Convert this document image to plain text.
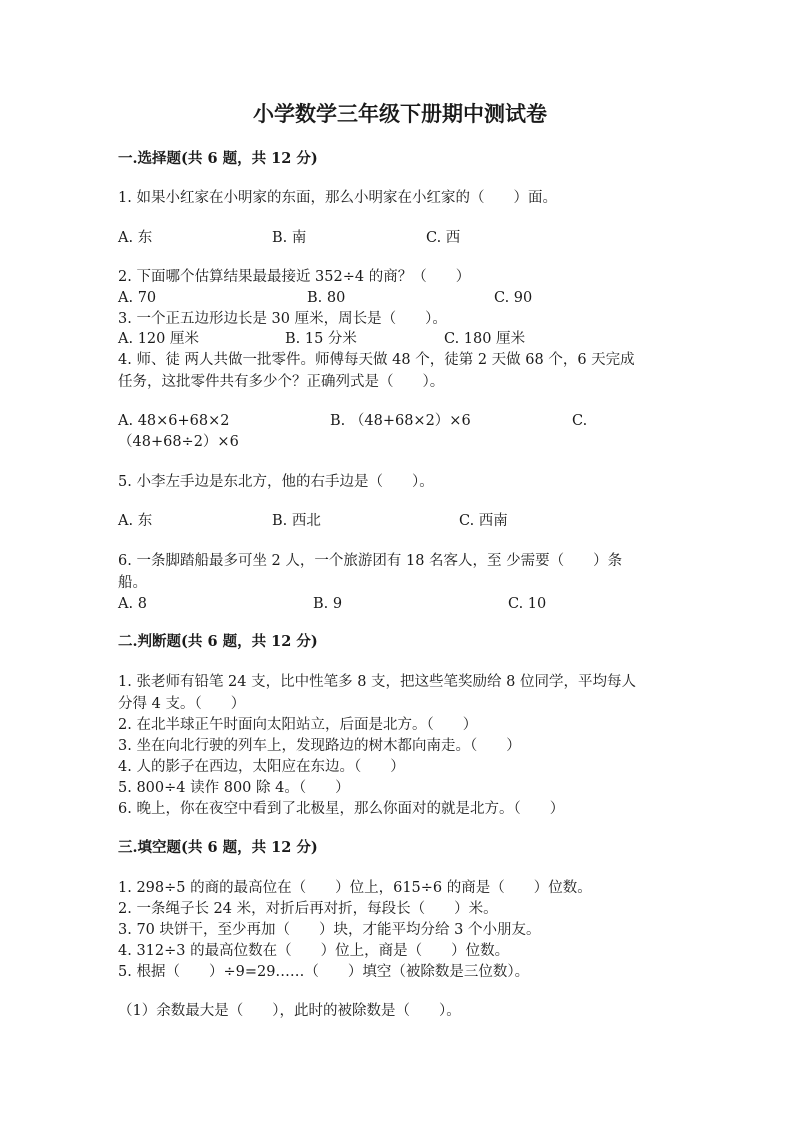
小学数学三年级下册期中测试卷
一.选择题(共 6 题，共 12 分)
1. 如果小红家在小明家的东面，那么小明家在小红家的（　　）面。
A. 东	B. 南	C. 西
2. 下面哪个估算结果最最接近 352÷4 的商？（　　）
A. 70	B. 80	C. 90
3. 一个正五边形边长是 30 厘米，周长是（　　）。
A. 120 厘米	B. 15 分米	C. 180 厘米
4. 师、徒 两人共做一批零件。师傅每天做 48 个，徒第 2 天做 68 个，6 天完成
任务，这批零件共有多少个？正确列式是（　　）。
A. 48×6+68×2	B. （48+68×2）×6	C.
（48+68÷2）×6
5. 小李左手边是东北方，他的右手边是（　　）。
A. 东	B. 西北	C. 西南
6. 一条脚踏船最多可坐 2 人，一个旅游团有 18 名客人，至 少需要（　　）条
船。
A. 8	B. 9	C. 10
二.判断题(共 6 题，共 12 分)
1. 张老师有铅笔 24 支，比中性笔多 8 支，把这些笔奖励给 8 位同学，平均每人
分得 4 支。（　　）
2. 在北半球正午时面向太阳站立，后面是北方。（　　）
3. 坐在向北行驶的列车上，发现路边的树木都向南走。（　　）
4. 人的影子在西边，太阳应在东边。（　　）
5. 800÷4 读作 800 除 4。（　　）
6. 晚上，你在夜空中看到了北极星，那么你面对的就是北方。（　　）
三.填空题(共 6 题，共 12 分)
1. 298÷5 的商的最高位在（　　）位上，615÷6 的商是（　　）位数。
2. 一条绳子长 24 米，对折后再对折，每段长（　　）米。
3. 70 块饼干，至少再加（　　）块，才能平均分给 3 个小朋友。
4. 312÷3 的最高位数在（　　）位上，商是（　　）位数。
5. 根据（　　）÷9=29……（　　）填空（被除数是三位数）。
（1）余数最大是（　　），此时的被除数是（　　）。
